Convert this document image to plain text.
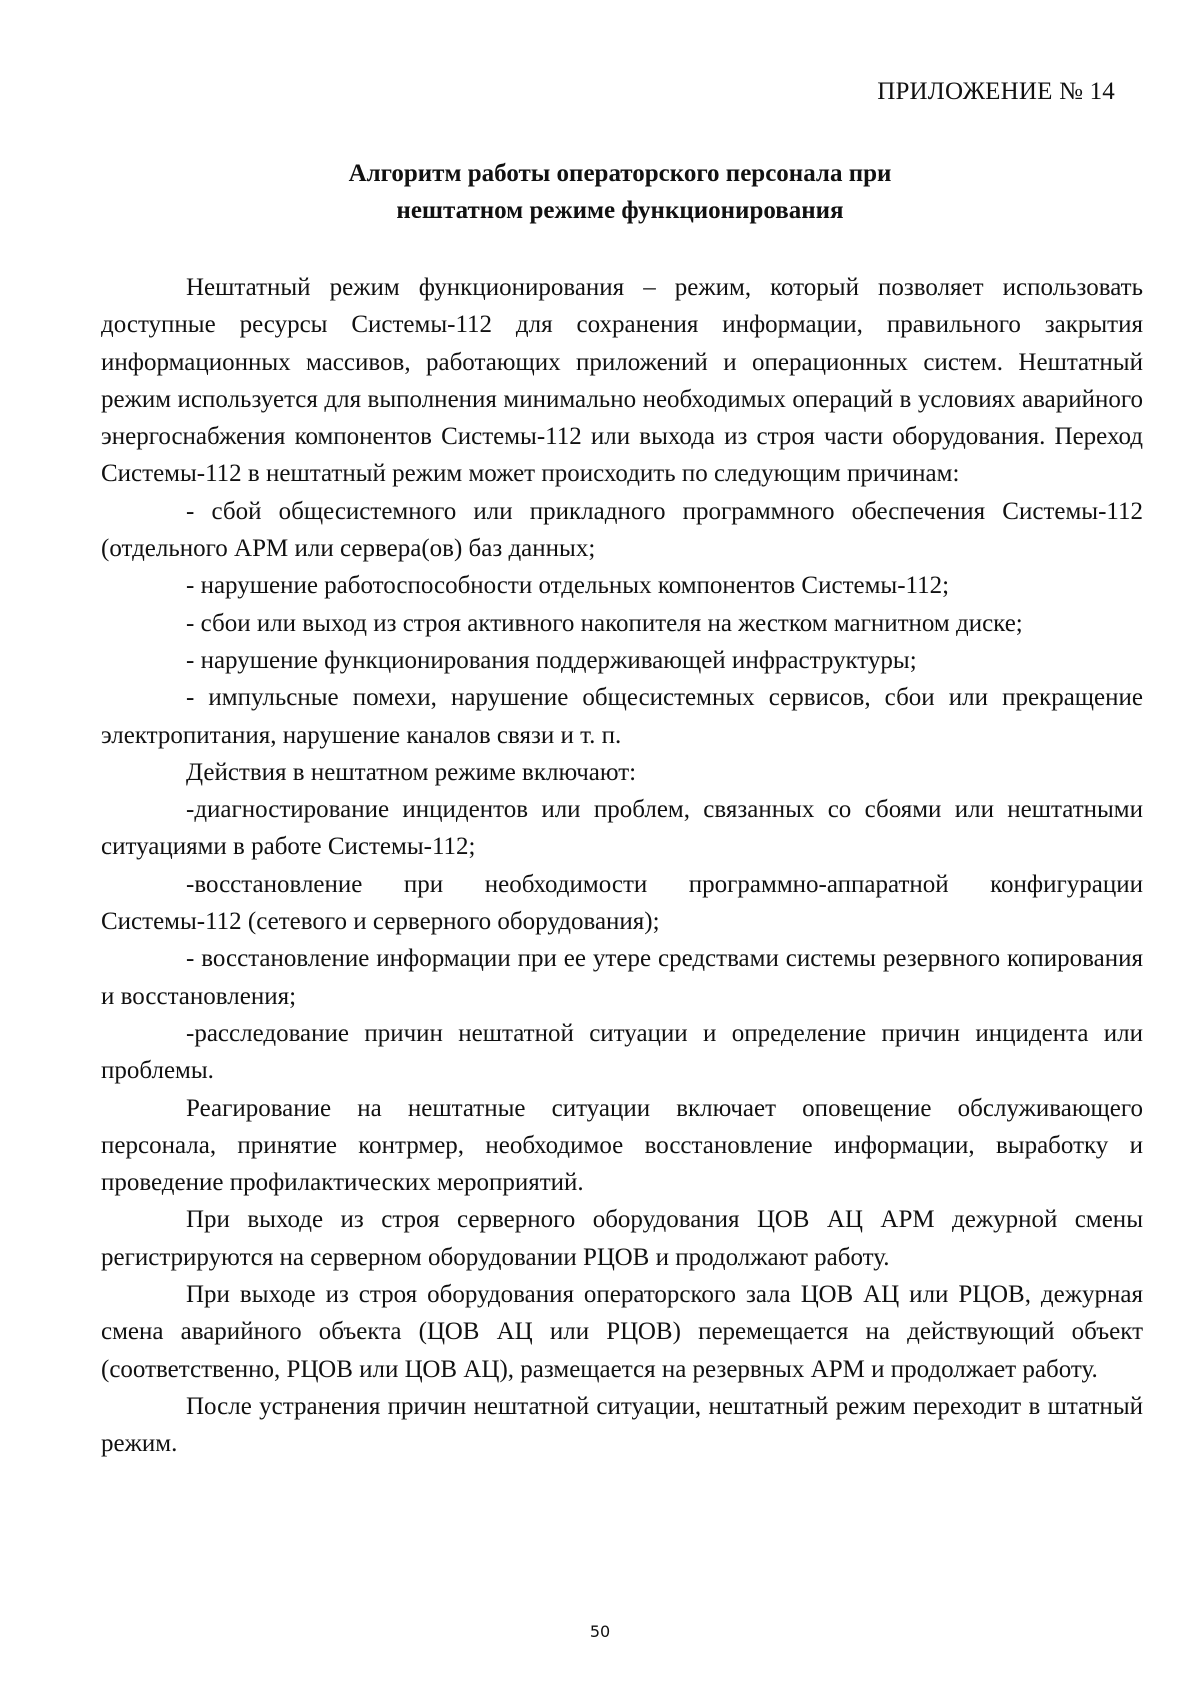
ПРИЛОЖЕНИЕ № 14
Алгоритм работы операторского персонала при
нештатном режиме функционирования

Нештатный режим функционирования – режим, который позволяет использовать доступные ресурсы Системы-112 для сохранения информации, правильного закрытия информационных массивов, работающих приложений и операционных систем. Нештатный режим используется для выполнения минимально необходимых операций в условиях аварийного энергоснабжения компонентов Системы-112 или выхода из строя части оборудования. Переход Системы-112 в нештатный режим может происходить по следующим причинам:

- сбой общесистемного или прикладного программного обеспечения Системы-112 (отдельного АРМ или сервера(ов) баз данных;

- нарушение работоспособности отдельных компонентов Системы-112;

- сбои или выход из строя активного накопителя на жестком магнитном диске;

- нарушение функционирования поддерживающей инфраструктуры;

- импульсные помехи, нарушение общесистемных сервисов, сбои или прекращение электропитания, нарушение каналов связи и т. п.

Действия в нештатном режиме включают:

-диагностирование инцидентов или проблем, связанных со сбоями или нештатными ситуациями в работе Системы-112;

-восстановление при необходимости программно-аппаратной конфигурации Системы-112 (сетевого и серверного оборудования);

- восстановление информации при ее утере средствами системы резервного копирования и восстановления;

-расследование причин нештатной ситуации и определение причин инцидента или проблемы.

Реагирование на нештатные ситуации включает оповещение обслуживающего персонала, принятие контрмер, необходимое восстановление информации, выработку и проведение профилактических мероприятий.

При выходе из строя серверного оборудования ЦОВ АЦ АРМ дежурной смены регистрируются на серверном оборудовании РЦОВ и продолжают работу.

При выходе из строя оборудования операторского зала ЦОВ АЦ или РЦОВ, дежурная смена аварийного объекта (ЦОВ АЦ или РЦОВ) перемещается на действующий объект (соответственно, РЦОВ или ЦОВ АЦ), размещается на резервных АРМ и продолжает работу.

После устранения причин нештатной ситуации, нештатный режим переходит в штатный режим.

50
